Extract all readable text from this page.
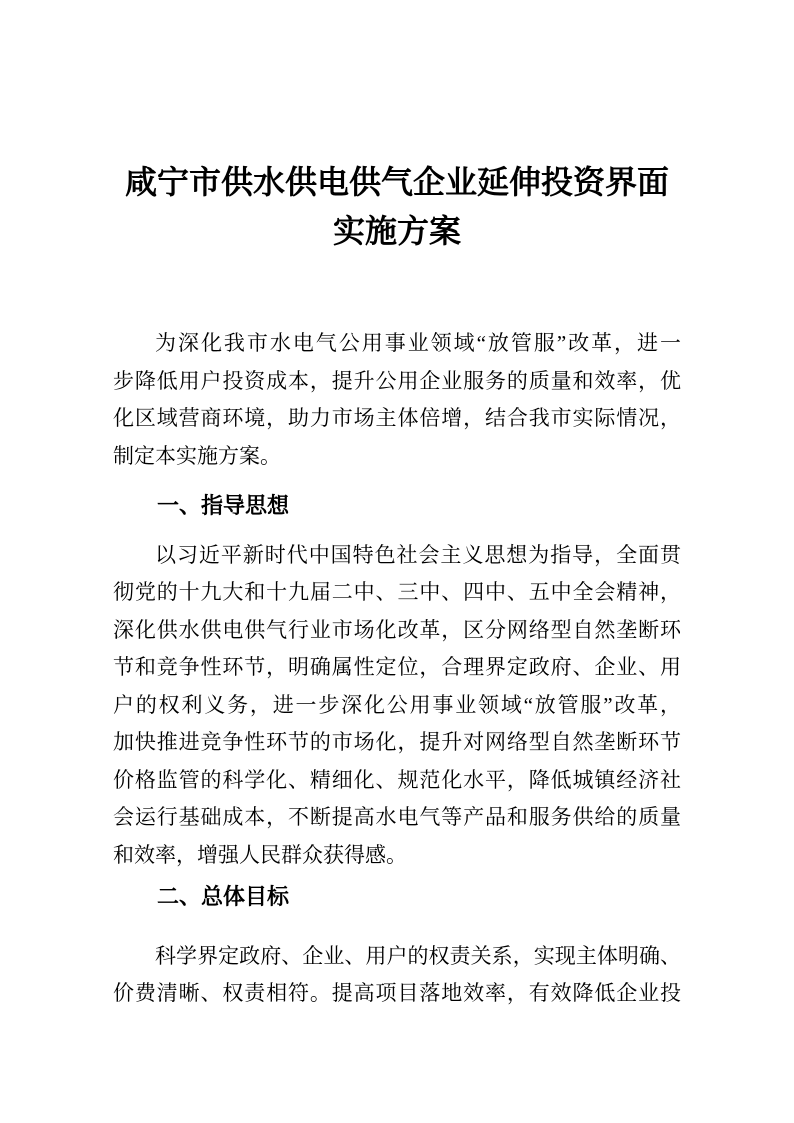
咸宁市供水供电供气企业延伸投资界面
实施方案
为深化我市水电气公用事业领域“放管服”改革，进一
步降低用户投资成本，提升公用企业服务的质量和效率，优
化区域营商环境，助力市场主体倍增，结合我市实际情况，
制定本实施方案。
一、指导思想
以习近平新时代中国特色社会主义思想为指导，全面贯
彻党的十九大和十九届二中、三中、四中、五中全会精神，
深化供水供电供气行业市场化改革，区分网络型自然垄断环
节和竞争性环节，明确属性定位，合理界定政府、企业、用
户的权利义务，进一步深化公用事业领域“放管服”改革，
加快推进竞争性环节的市场化，提升对网络型自然垄断环节
价格监管的科学化、精细化、规范化水平，降低城镇经济社
会运行基础成本，不断提高水电气等产品和服务供给的质量
和效率，增强人民群众获得感。
二、总体目标
科学界定政府、企业、用户的权责关系，实现主体明确、
价费清晰、权责相符。提高项目落地效率，有效降低企业投
